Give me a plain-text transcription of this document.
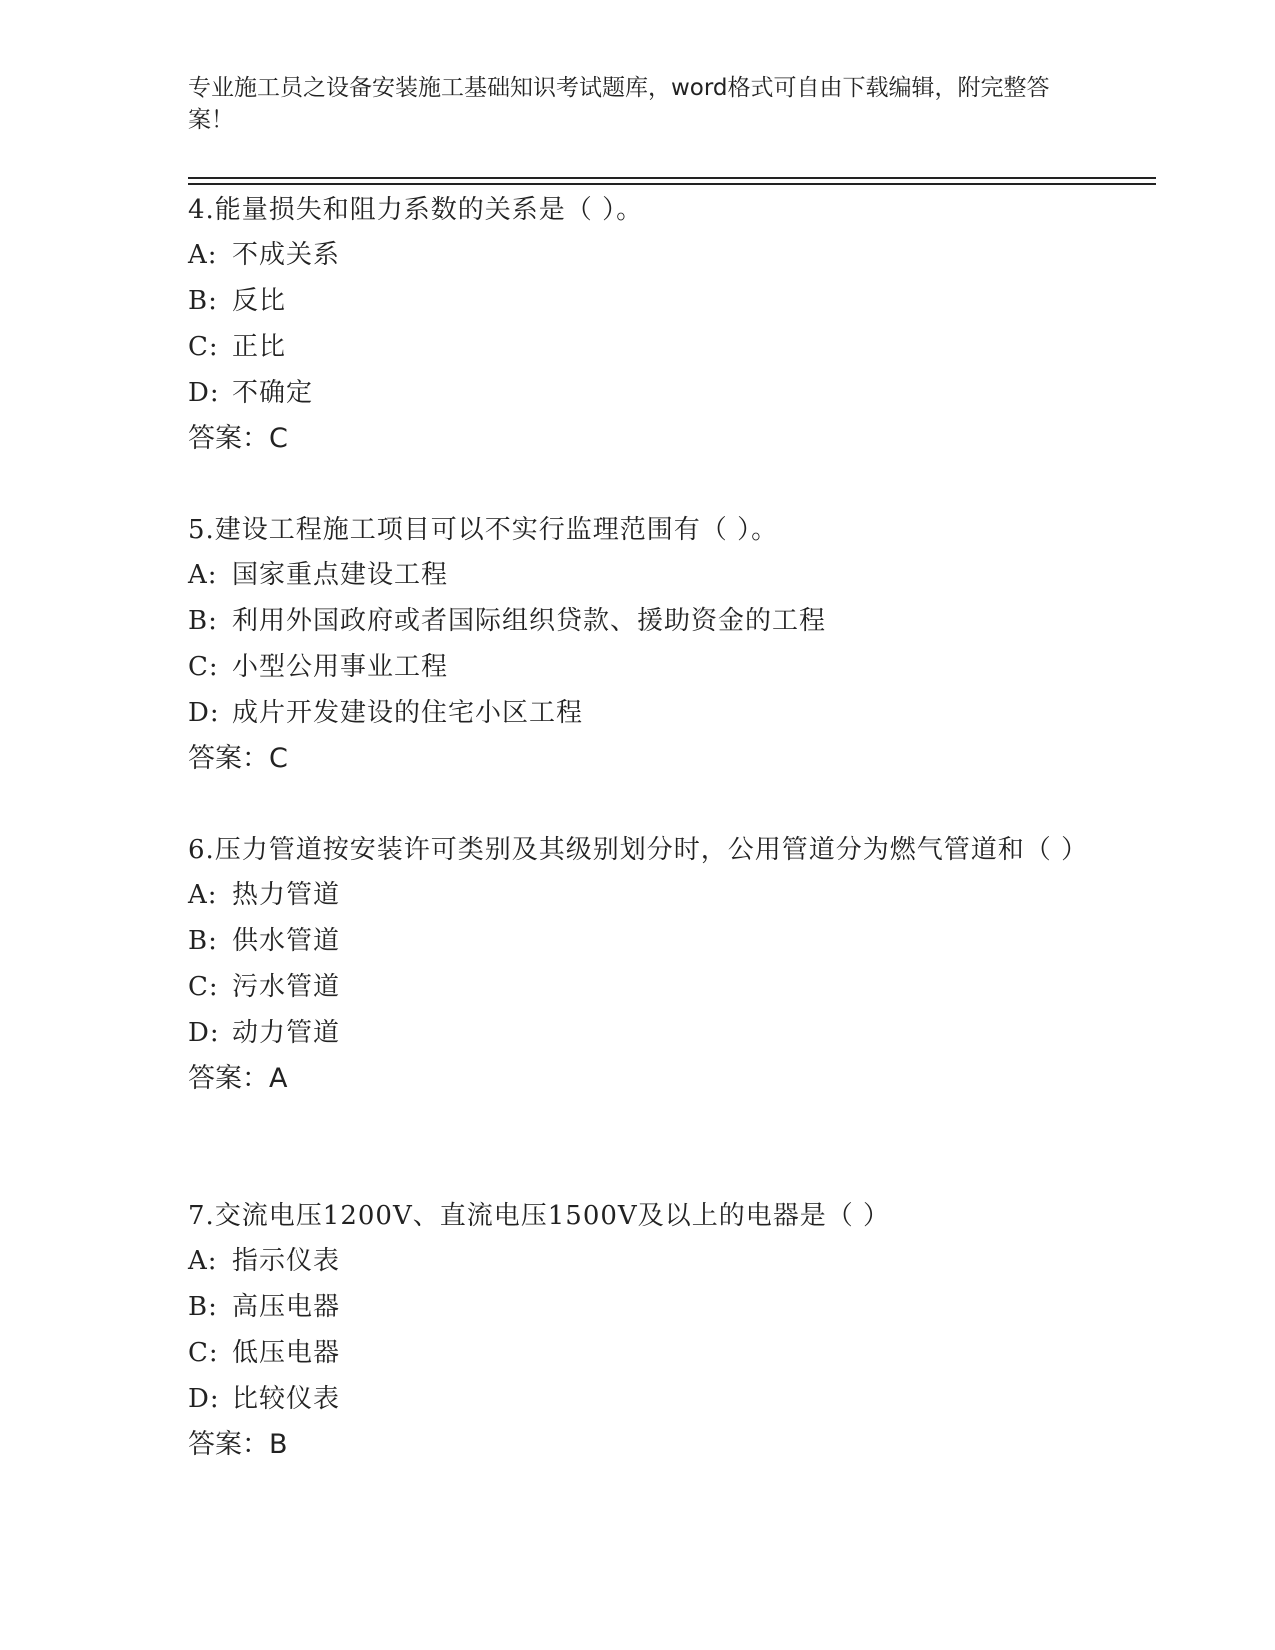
专业施工员之设备安装施工基础知识考试题库，word格式可自由下载编辑，附完整答案！

4.能量损失和阻力系数的关系是（ ）。

A: 不成关系
B: 反比
C: 正比
D: 不确定
答案：C

5.建设工程施工项目可以不实行监理范围有（ ）。

A: 国家重点建设工程
B: 利用外国政府或者国际组织贷款、援助资金的工程
C: 小型公用事业工程
D: 成片开发建设的住宅小区工程
答案：C

6.压力管道按安装许可类别及其级别划分时，公用管道分为燃气管道和（ ）

A: 热力管道
B: 供水管道
C: 污水管道
D: 动力管道
答案：A

7.交流电压1200V、直流电压1500V及以上的电器是（ ）

A: 指示仪表
B: 高压电器
C: 低压电器
D: 比较仪表
答案：B
